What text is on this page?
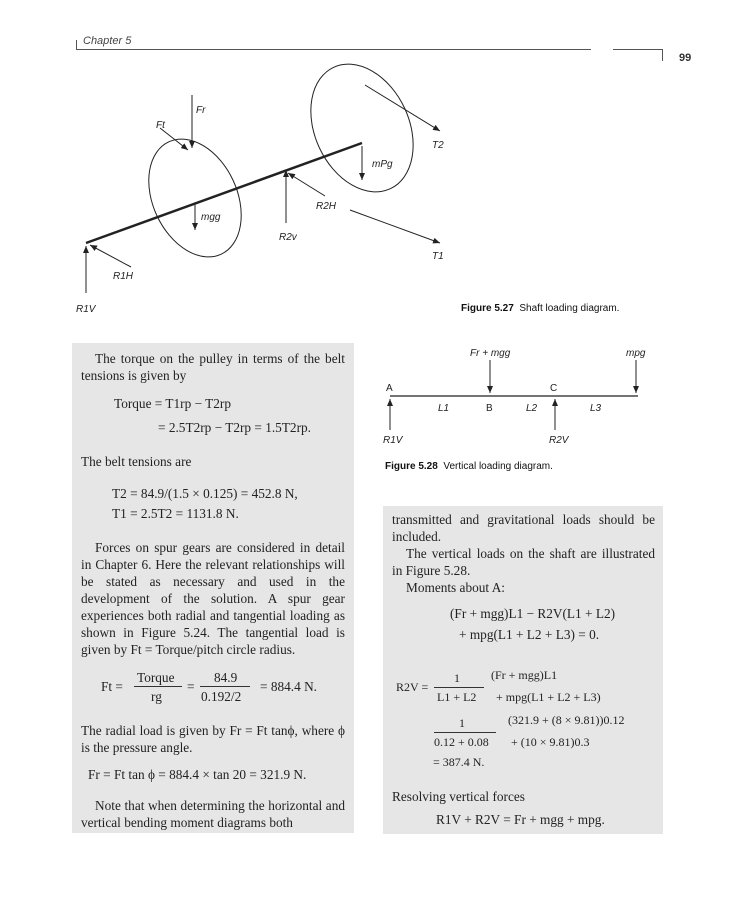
Chapter 5
99
Ft
Fr
mgg
T2
T1
mPg
R2H
R2v
R1H
R1V	Figure 5.27 Shaft loading diagram.
The torque on the pulley in terms of the belt tensions is given by
Torque = T1rp − T2rp
= 2.5T2rp − T2rp = 1.5T2rp.
The belt tensions are
T2 = 84.9/(1.5 × 0.125) = 452.8 N,
T1 = 2.5T2 = 1131.8 N.
Forces on spur gears are considered in detail in Chapter 6. Here the relevant relationships will be stated as necessary and used in the development of the solution. A spur gear experiences both radial and tangential loading as shown in Figure 5.24. The tangential load is given by Ft = Torque/pitch circle radius.
Ft =
Torque
rg
=
84.9
0.192/2
= 884.4 N.
The radial load is given by Fr = Ft tanϕ, where ϕ is the pressure angle.
Fr = Ft tan ϕ = 884.4 × tan 20 = 321.9 N.
Note that when determining the horizontal and vertical bending moment diagrams both
Fr + mgg	mpg
A	C
B
L1	L2	L3
R1V	R2V
Figure 5.28 Vertical loading diagram.
transmitted and gravitational loads should be included.
The vertical loads on the shaft are illustrated in Figure 5.28.
Moments about A:
(Fr + mgg)L1 − R2V(L1 + L2)
+ mpg(L1 + L2 + L3) = 0.
R2V =
1
L1 + L2
(Fr + mgg)L1
+ mpg(L1 + L2 + L3)
1
0.12 + 0.08
(321.9 + (8 × 9.81))0.12
+ (10 × 9.81)0.3
= 387.4 N.
Resolving vertical forces
R1V + R2V = Fr + mgg + mpg.
